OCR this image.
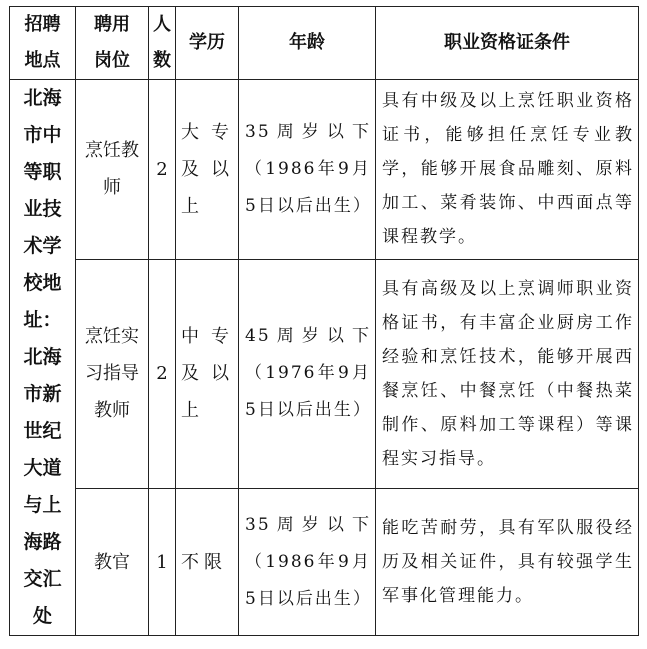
招聘地点	聘用岗位	人数	学历	年龄	职业资格证条件
北海市中等职业技术学校地址：北海市新世纪大道与上海路交汇处	烹饪教师	2	大专及以上	35周岁以下（1986年9月5日以后出生）	具有中级及以上烹饪职业资格证书，能够担任烹饪专业教学，能够开展食品雕刻、原料加工、菜肴装饰、中西面点等课程教学。
	烹饪实习指导教师	2	中专及以上	45周岁以下（1976年9月5日以后出生）	具有高级及以上烹调师职业资格证书，有丰富企业厨房工作经验和烹饪技术，能够开展西餐烹饪、中餐烹饪（中餐热菜制作、原料加工等课程）等课程实习指导。
	教官	1	不限	35周岁以下（1986年9月5日以后出生）	能吃苦耐劳，具有军队服役经历及相关证件，具有较强学生军事化管理能力。
